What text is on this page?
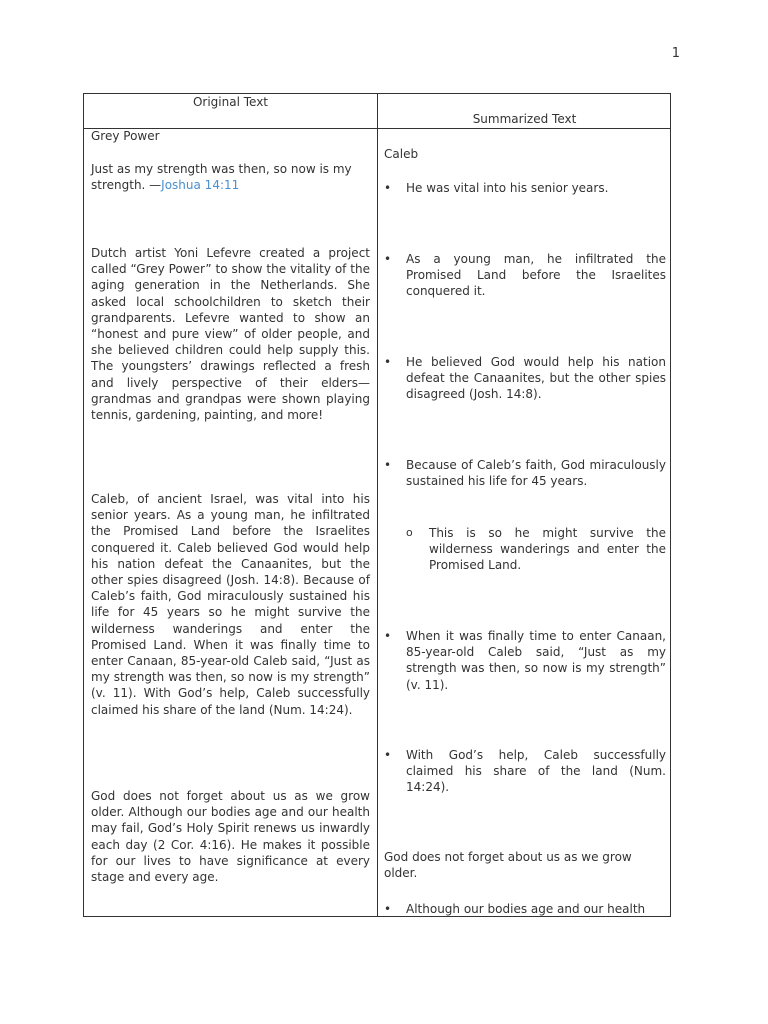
1
Original Text
Summarized Text

Grey Power

Just as my strength was then, so now is my strength. —Joshua 14:11

Dutch artist Yoni Lefevre created a project called “Grey Power” to show the vitality of the aging generation in the Netherlands. She asked local schoolchildren to sketch their grandparents. Lefevre wanted to show an “honest and pure view” of older people, and she believed children could help supply this. The youngsters’ drawings reflected a fresh and lively perspective of their elders—grandmas and grandpas were shown playing tennis, gardening, painting, and more!

Caleb, of ancient Israel, was vital into his senior years. As a young man, he infiltrated the Promised Land before the Israelites conquered it. Caleb believed God would help his nation defeat the Canaanites, but the other spies disagreed (Josh. 14:8). Because of Caleb’s faith, God miraculously sustained his life for 45 years so he might survive the wilderness wanderings and enter the Promised Land. When it was finally time to enter Canaan, 85-year-old Caleb said, “Just as my strength was then, so now is my strength” (v. 11). With God’s help, Caleb successfully claimed his share of the land (Num. 14:24).

God does not forget about us as we grow older. Although our bodies age and our health may fail, God’s Holy Spirit renews us inwardly each day (2 Cor. 4:16). He makes it possible for our lives to have significance at every stage and every age.

Caleb

• He was vital into his senior years.
• As a young man, he infiltrated the Promised Land before the Israelites conquered it.
• He believed God would help his nation defeat the Canaanites, but the other spies disagreed (Josh. 14:8).
• Because of Caleb’s faith, God miraculously sustained his life for 45 years.
o This is so he might survive the wilderness wanderings and enter the Promised Land.
• When it was finally time to enter Canaan, 85-year-old Caleb said, “Just as my strength was then, so now is my strength” (v. 11).
• With God’s help, Caleb successfully claimed his share of the land (Num. 14:24).

God does not forget about us as we grow older.

• Although our bodies age and our health
